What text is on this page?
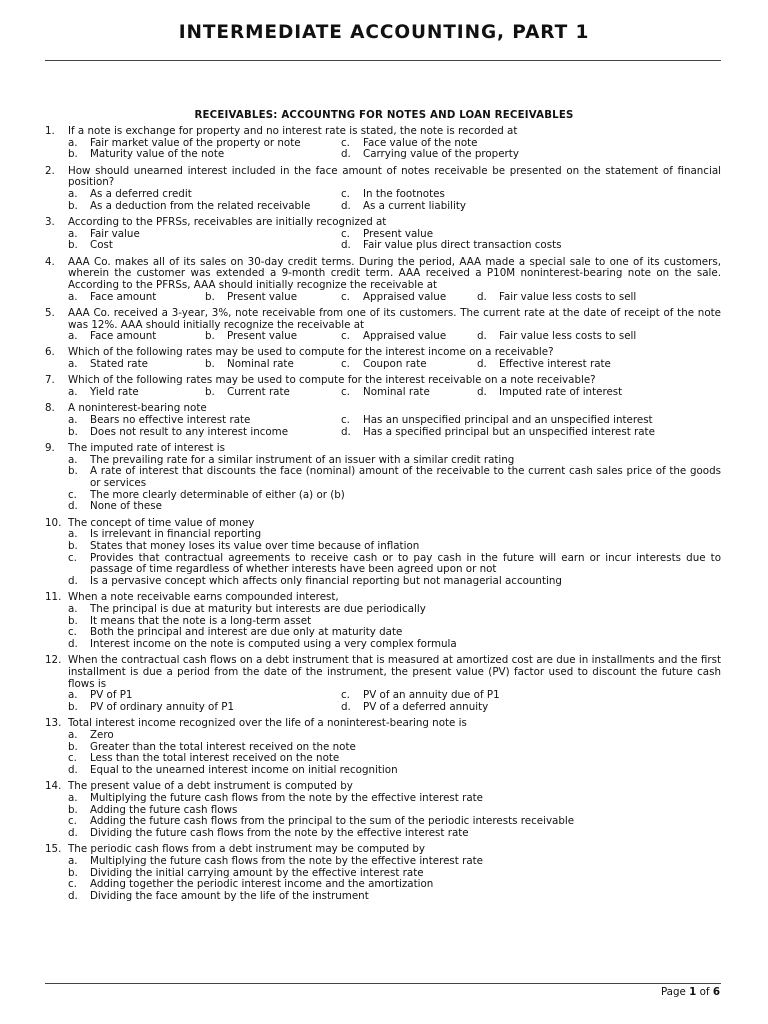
INTERMEDIATE ACCOUNTING, PART 1
RECEIVABLES: ACCOUNTNG FOR NOTES AND LOAN RECEIVABLES
1.	If a note is exchange for property and no interest rate is stated, the note is recorded at
a.	Fair market value of the property or note	c.	Face value of the note
b.	Maturity value of the note	d.	Carrying value of the property
2.	How should unearned interest included in the face amount of notes receivable be presented on the statement of financial position?
a.	As a deferred credit	c.	In the footnotes
b.	As a deduction from the related receivable	d.	As a current liability
3.	According to the PFRSs, receivables are initially recognized at
a.	Fair value	c.	Present value
b.	Cost	d.	Fair value plus direct transaction costs
4.	AAA Co. makes all of its sales on 30-day credit terms. During the period, AAA made a special sale to one of its customers, wherein the customer was extended a 9-month credit term. AAA received a P10M noninterest-bearing note on the sale. According to the PFRSs, AAA should initially recognize the receivable at
a.	Face amount	b.	Present value	c.	Appraised value	d.	Fair value less costs to sell
5.	AAA Co. received a 3-year, 3%, note receivable from one of its customers. The current rate at the date of receipt of the note was 12%. AAA should initially recognize the receivable at
a.	Face amount	b.	Present value	c.	Appraised value	d.	Fair value less costs to sell
6.	Which of the following rates may be used to compute for the interest income on a receivable?
a.	Stated rate	b.	Nominal rate	c.	Coupon rate	d.	Effective interest rate
7.	Which of the following rates may be used to compute for the interest receivable on a note receivable?
a.	Yield rate	b.	Current rate	c.	Nominal rate	d.	Imputed rate of interest
8.	A noninterest-bearing note
a.	Bears no effective interest rate	c.	Has an unspecified principal and an unspecified interest
b.	Does not result to any interest income	d.	Has a specified principal but an unspecified interest rate
9.	The imputed rate of interest is
a.	The prevailing rate for a similar instrument of an issuer with a similar credit rating
b.	A rate of interest that discounts the face (nominal) amount of the receivable to the current cash sales price of the goods or services
c.	The more clearly determinable of either (a) or (b)
d.	None of these
10. The concept of time value of money
a.	Is irrelevant in financial reporting
b.	States that money loses its value over time because of inflation
c.	Provides that contractual agreements to receive cash or to pay cash in the future will earn or incur interests due to passage of time regardless of whether interests have been agreed upon or not
d.	Is a pervasive concept which affects only financial reporting but not managerial accounting
11. When a note receivable earns compounded interest,
a.	The principal is due at maturity but interests are due periodically
b.	It means that the note is a long-term asset
c.	Both the principal and interest are due only at maturity date
d.	Interest income on the note is computed using a very complex formula
12. When the contractual cash flows on a debt instrument that is measured at amortized cost are due in installments and the first installment is due a period from the date of the instrument, the present value (PV) factor used to discount the future cash flows is
a.	PV of P1	c.	PV of an annuity due of P1
b.	PV of ordinary annuity of P1	d.	PV of a deferred annuity
13. Total interest income recognized over the life of a noninterest-bearing note is
a.	Zero
b.	Greater than the total interest received on the note
c.	Less than the total interest received on the note
d.	Equal to the unearned interest income on initial recognition
14. The present value of a debt instrument is computed by
a.	Multiplying the future cash flows from the note by the effective interest rate
b.	Adding the future cash flows
c.	Adding the future cash flows from the principal to the sum of the periodic interests receivable
d.	Dividing the future cash flows from the note by the effective interest rate
15. The periodic cash flows from a debt instrument may be computed by
a.	Multiplying the future cash flows from the note by the effective interest rate
b.	Dividing the initial carrying amount by the effective interest rate
c.	Adding together the periodic interest income and the amortization
d.	Dividing the face amount by the life of the instrument
Page 1 of 6
